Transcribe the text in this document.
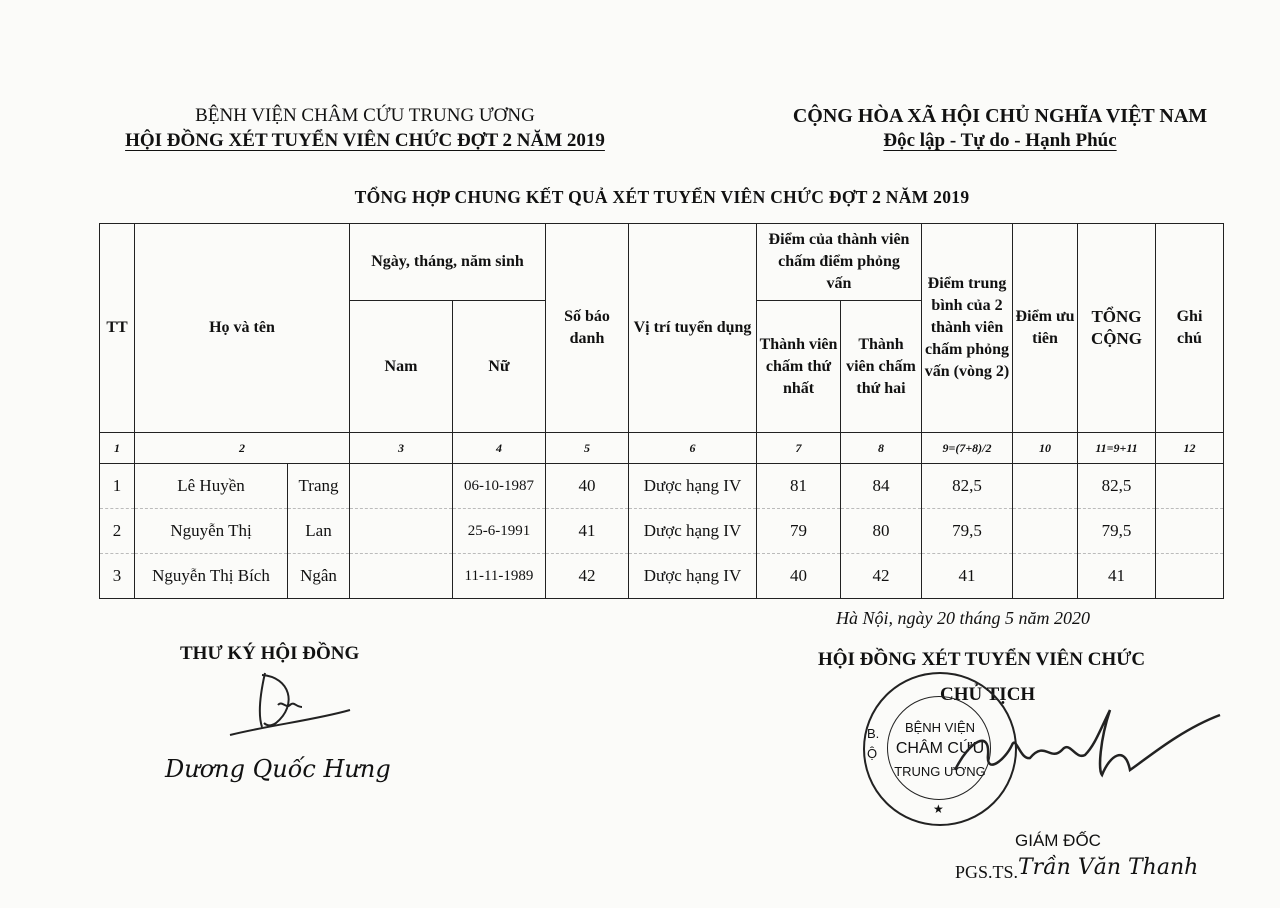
BỆNH VIỆN CHÂM CỨU TRUNG ƯƠNG
HỘI ĐỒNG XÉT TUYỂN VIÊN CHỨC ĐỢT 2 NĂM 2019
CỘNG HÒA XÃ HỘI CHỦ NGHĨA VIỆT NAM
Độc lập - Tự do - Hạnh Phúc
TỔNG HỢP CHUNG KẾT QUẢ XÉT TUYỂN VIÊN CHỨC ĐỢT 2 NĂM 2019
TT	Họ và tên		Ngày, tháng, năm sinh		Số báo danh	Vị trí tuyển dụng	Điểm của thành viên chấm điểm phỏng vấn		Điểm trung bình của 2 thành viên chấm phỏng vấn (vòng 2)	Điểm ưu tiên	TỔNG CỘNG	Ghi chú
			Nam	Nữ			Thành viên chấm thứ nhất	Thành viên chấm thứ hai				
1	2		3	4	5	6	7	8	9=(7+8)/2	10	11=9+11	12
1	Lê Huyền	Trang		06-10-1987	40	Dược hạng IV	81	84	82,5		82,5	
2	Nguyễn Thị	Lan		25-6-1991	41	Dược hạng IV	79	80	79,5		79,5	
3	Nguyễn Thị Bích	Ngân		11-11-1989	42	Dược hạng IV	40	42	41		41	
Hà Nội, ngày 20 tháng 5 năm 2020
THƯ KÝ HỘI ĐỒNG
Dương Quốc Hưng
HỘI ĐỒNG XÉT TUYỂN VIÊN CHỨC
CHỦ TỊCH
BỆNH VIỆN
CHÂM CỨU
TRUNG ƯƠNG
B.Ộ
★
GIÁM ĐỐC
PGS.TS. Trần Văn Thanh
